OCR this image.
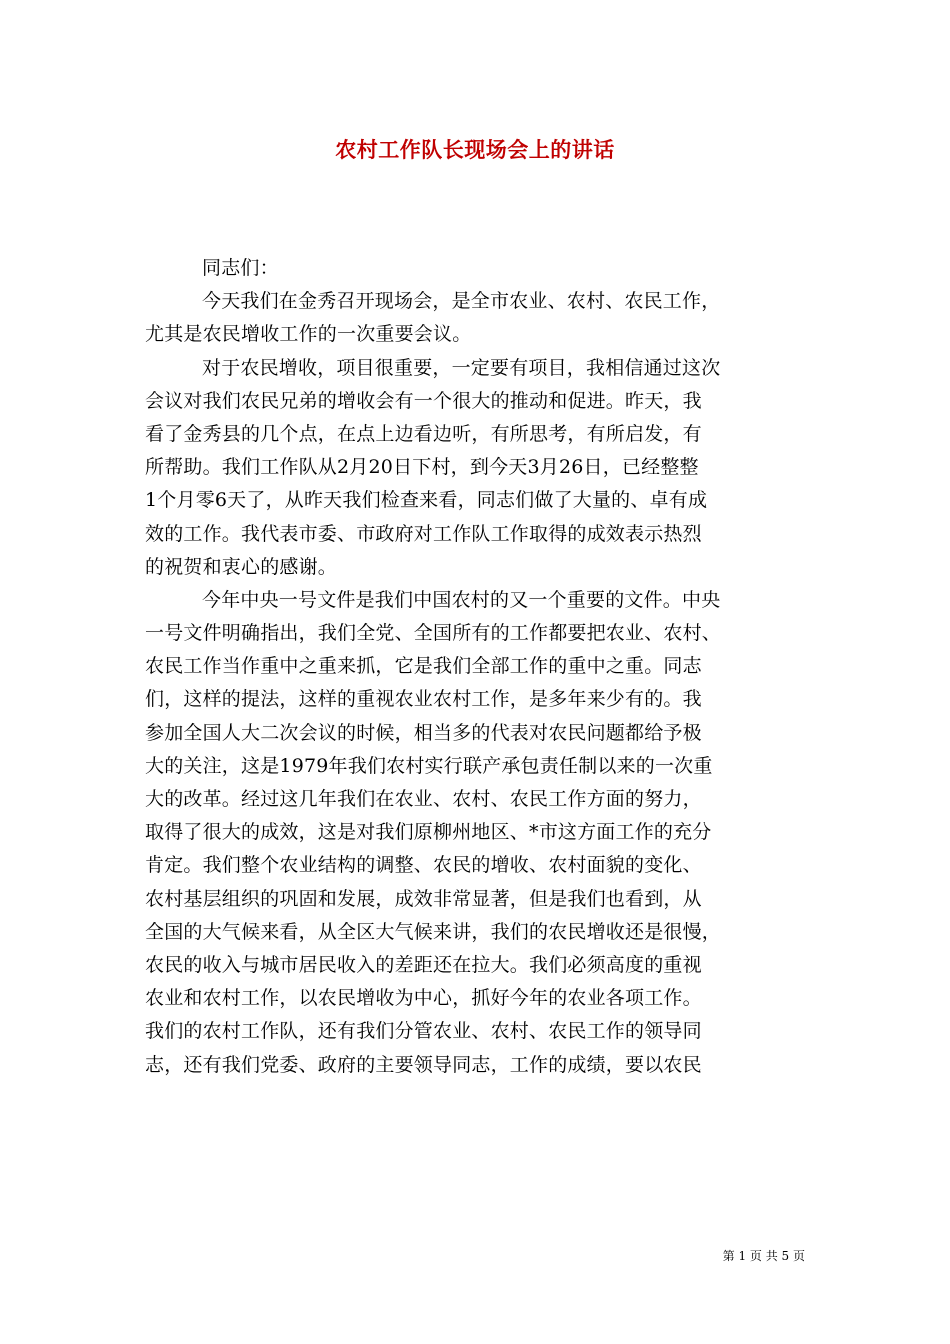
农村工作队长现场会上的讲话
同志们：
今天我们在金秀召开现场会，是全市农业、农村、农民工作，
尤其是农民增收工作的一次重要会议。
对于农民增收，项目很重要，一定要有项目，我相信通过这次
会议对我们农民兄弟的增收会有一个很大的推动和促进。昨天，我
看了金秀县的几个点，在点上边看边听，有所思考，有所启发，有
所帮助。我们工作队从2月20日下村，到今天3月26日，已经整整
1个月零6天了，从昨天我们检查来看，同志们做了大量的、卓有成
效的工作。我代表市委、市政府对工作队工作取得的成效表示热烈
的祝贺和衷心的感谢。
今年中央一号文件是我们中国农村的又一个重要的文件。中央
一号文件明确指出，我们全党、全国所有的工作都要把农业、农村、
农民工作当作重中之重来抓，它是我们全部工作的重中之重。同志
们，这样的提法，这样的重视农业农村工作，是多年来少有的。我
参加全国人大二次会议的时候，相当多的代表对农民问题都给予极
大的关注，这是1979年我们农村实行联产承包责任制以来的一次重
大的改革。经过这几年我们在农业、农村、农民工作方面的努力，
取得了很大的成效，这是对我们原柳州地区、*市这方面工作的充分
肯定。我们整个农业结构的调整、农民的增收、农村面貌的变化、
农村基层组织的巩固和发展，成效非常显著，但是我们也看到，从
全国的大气候来看，从全区大气候来讲，我们的农民增收还是很慢，
农民的收入与城市居民收入的差距还在拉大。我们必须高度的重视
农业和农村工作，以农民增收为中心，抓好今年的农业各项工作。
我们的农村工作队，还有我们分管农业、农村、农民工作的领导同
志，还有我们党委、政府的主要领导同志，工作的成绩，要以农民
第 1 页 共 5 页
